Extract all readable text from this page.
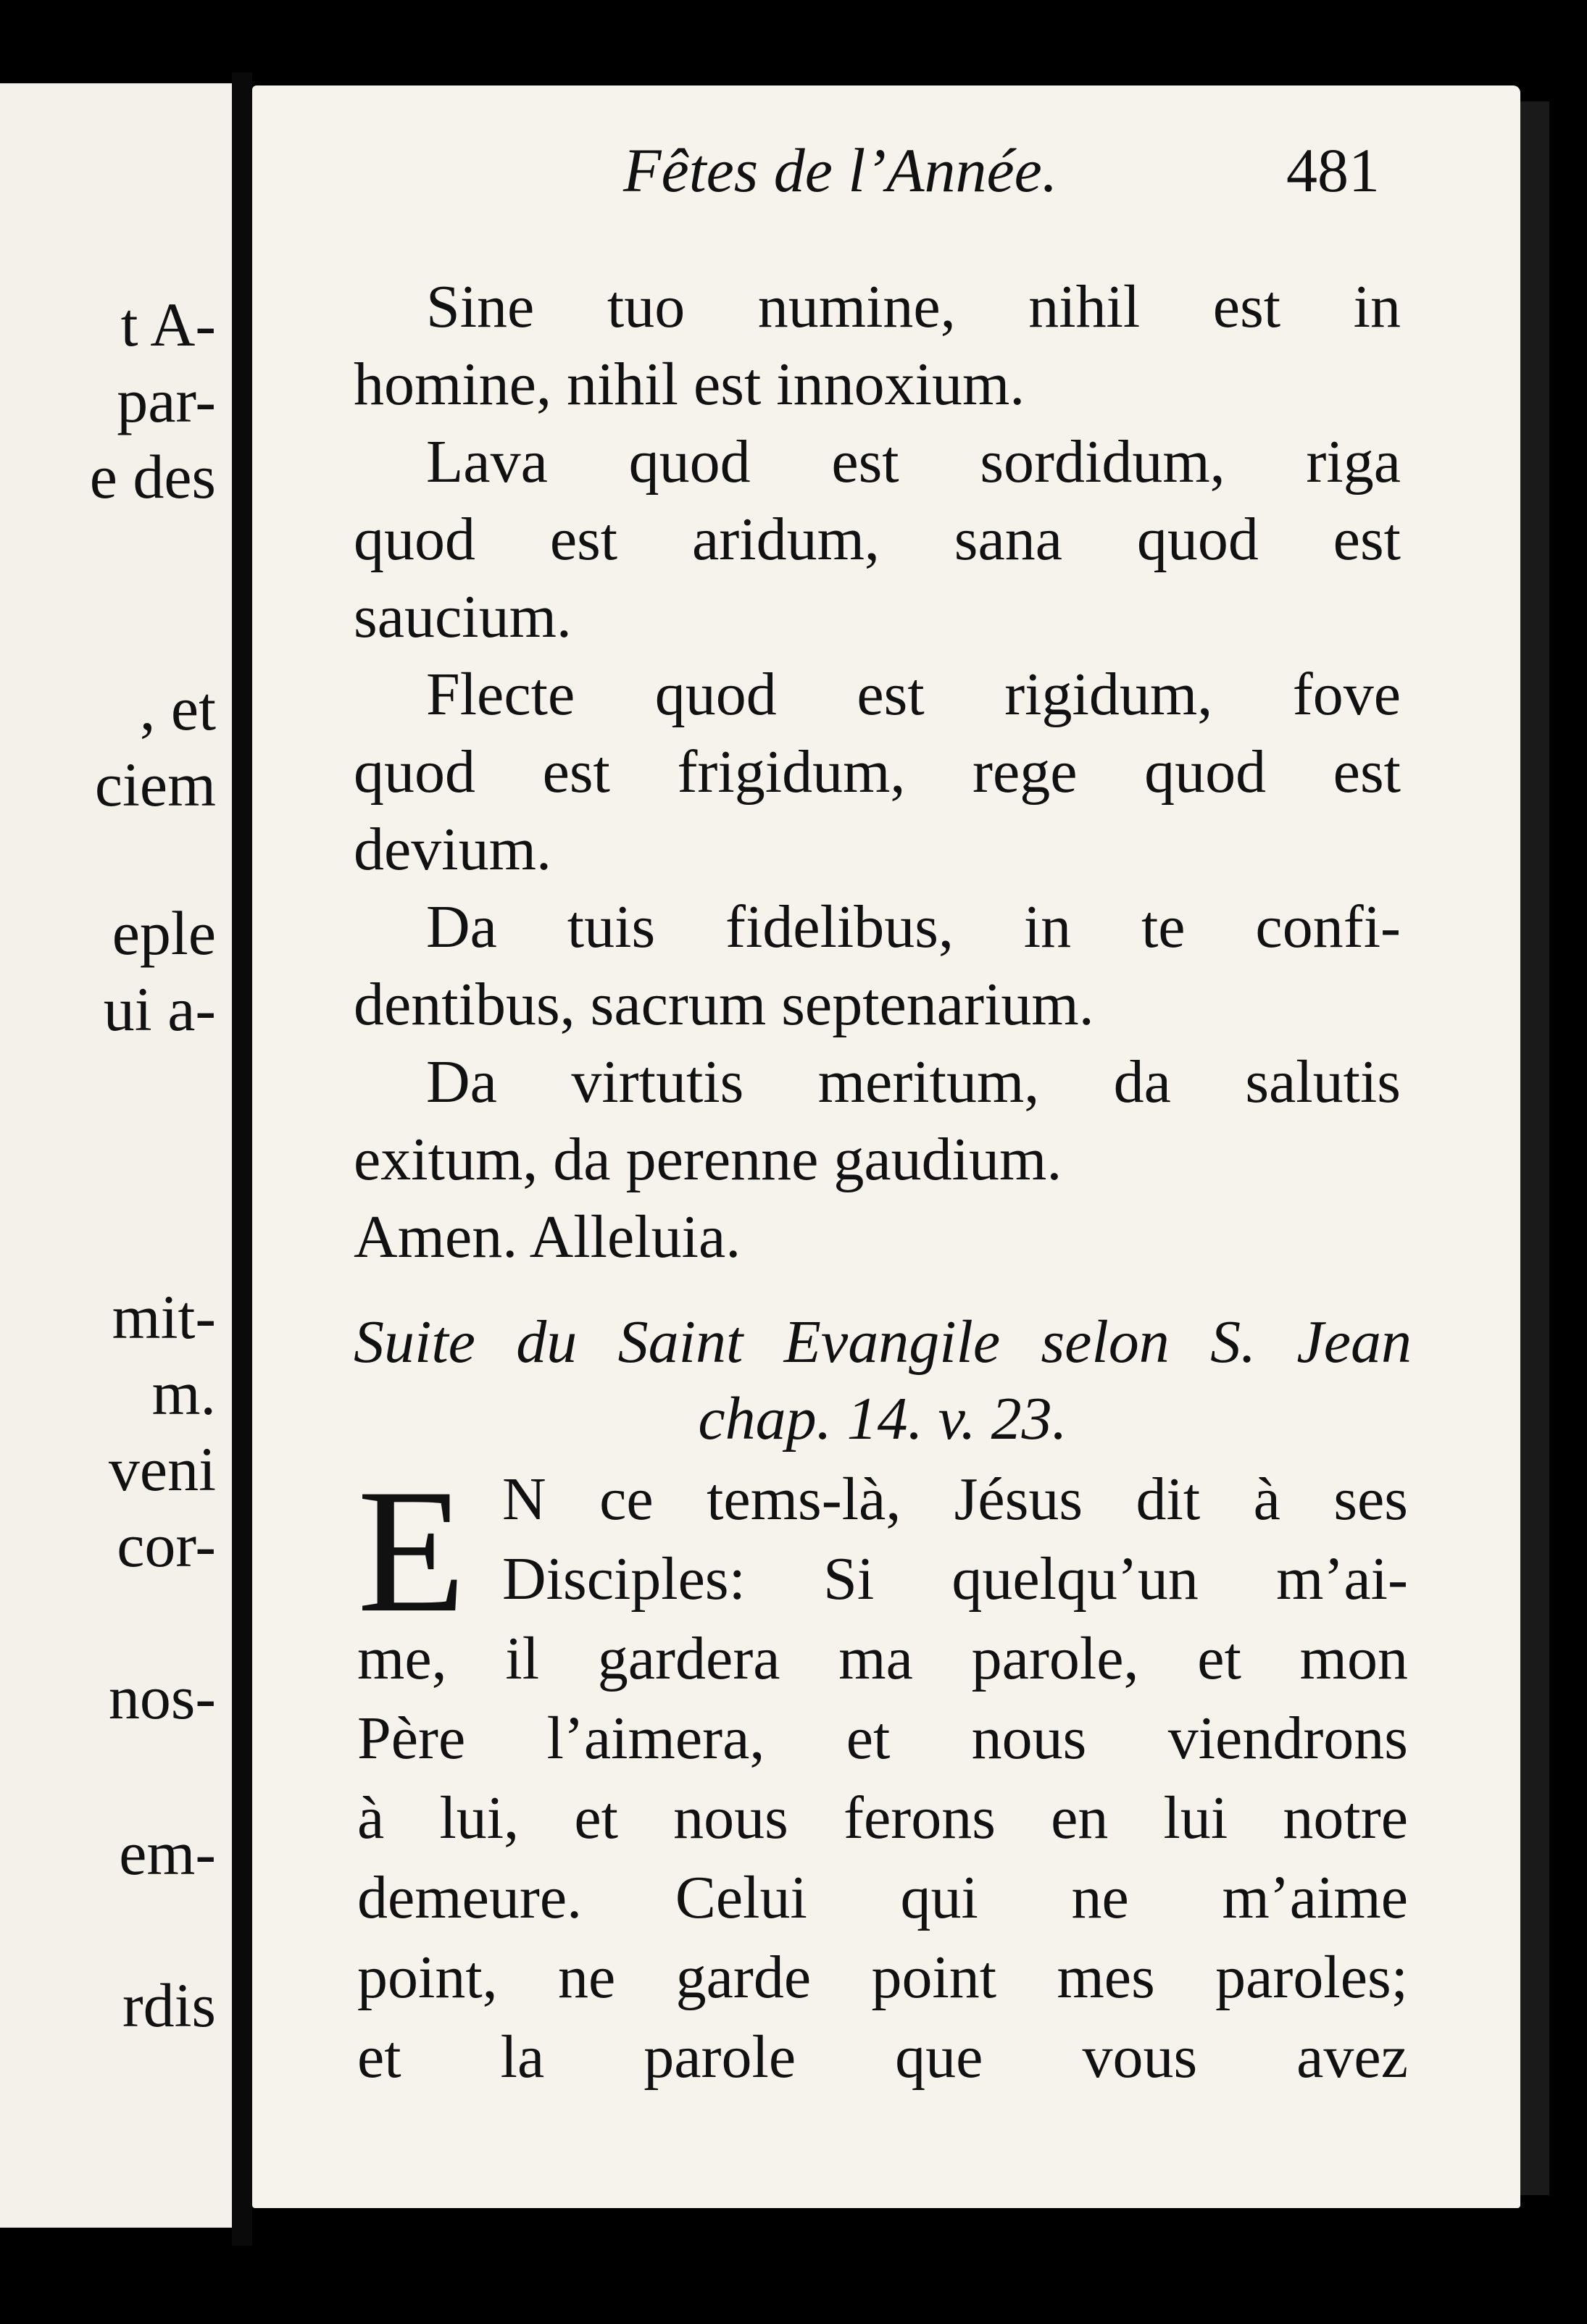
t A-
par-
e des
, et
ciem
eple
ui a-
mit-
m.
veni
cor-
nos-
em-
rdis
Fêtes de l’Année.	481
Sine tuo numine, nihil est in
homine, nihil est innoxium.
Lava quod est sordidum, riga
quod est aridum, sana quod est
saucium.
Flecte quod est rigidum, fove
quod est frigidum, rege quod est
devium.
Da tuis fidelibus, in te confi-
dentibus, sacrum septenarium.
Da virtutis meritum, da salutis
exitum, da perenne gaudium.
Amen. Alleluia.
Suite du Saint Evangile selon S. Jean
chap. 14. v. 23.
E N ce tems-là, Jésus dit à ses
Disciples: Si quelqu’un m’ai-
me, il gardera ma parole, et mon
Père l’aimera, et nous viendrons
à lui, et nous ferons en lui notre
demeure. Celui qui ne m’aime
point, ne garde point mes paroles;
et la parole que vous avez
